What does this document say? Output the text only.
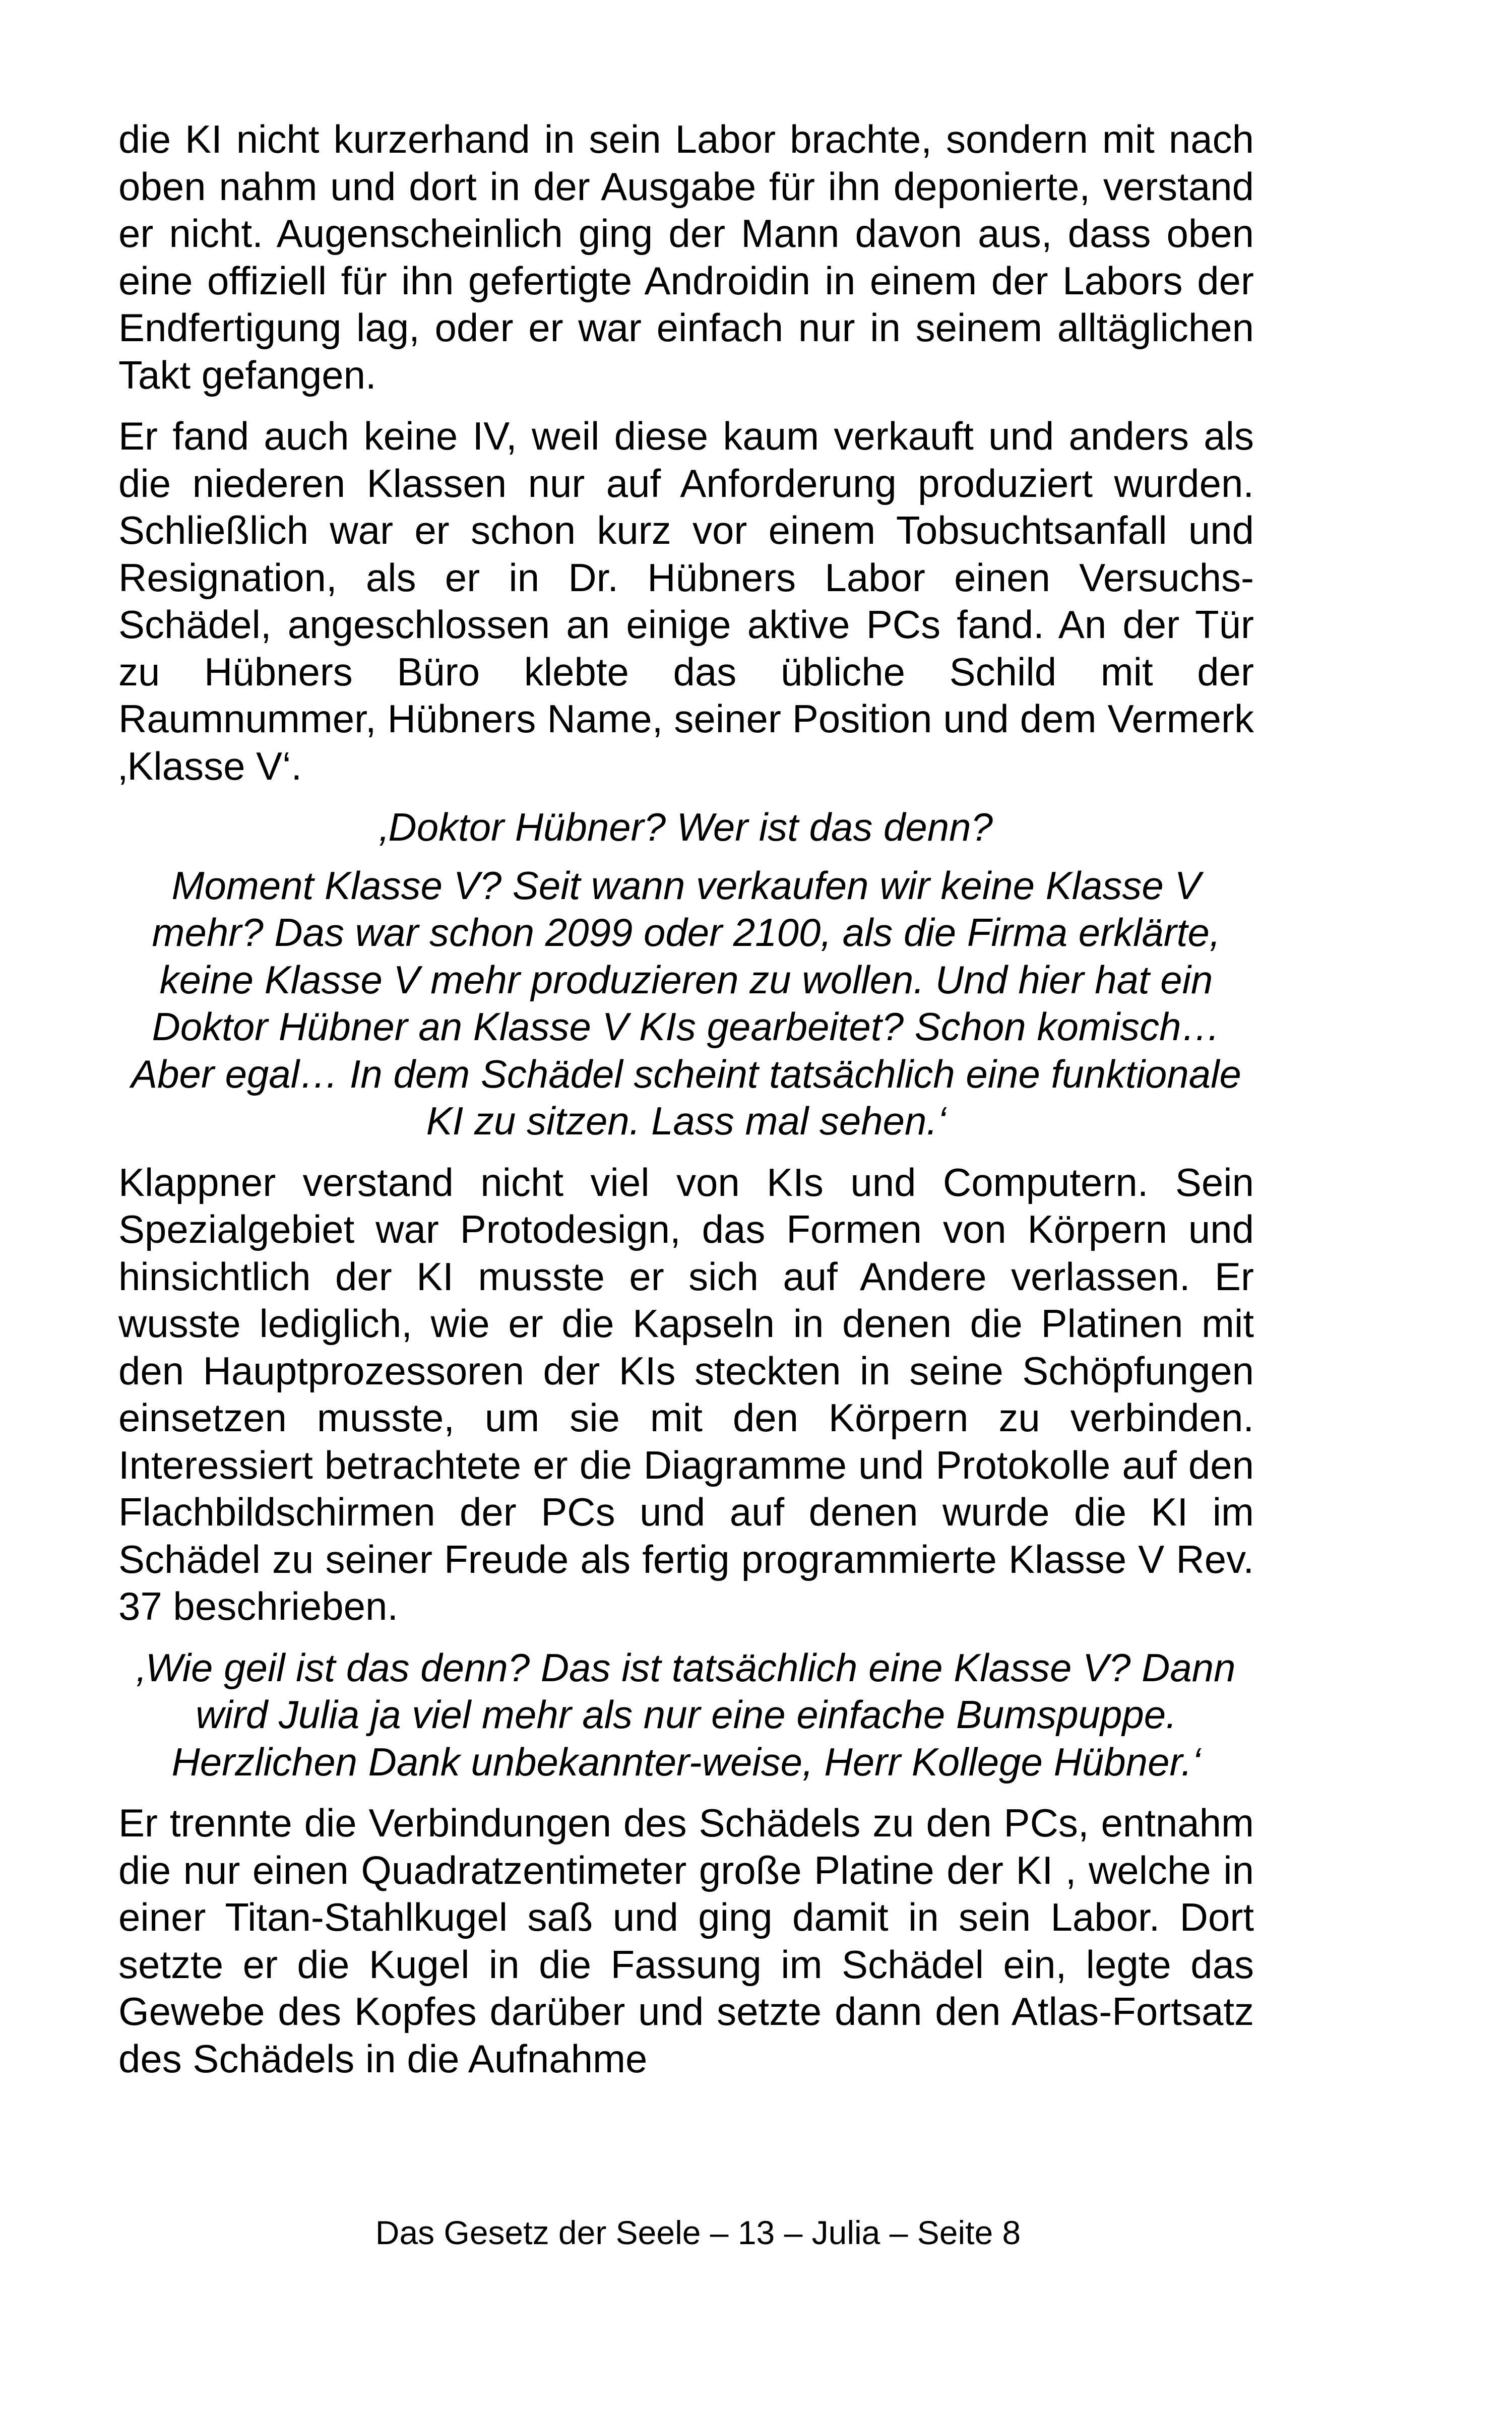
die KI nicht kurzerhand in sein Labor brachte, sondern mit nach oben nahm und dort in der Ausgabe für ihn deponierte, verstand er nicht. Augenscheinlich ging der Mann davon aus, dass oben eine offiziell für ihn gefertigte Androidin in einem der Labors der Endfertigung lag, oder er war einfach nur in seinem alltäglichen Takt gefangen.

Er fand auch keine IV, weil diese kaum verkauft und anders als die niederen Klassen nur auf Anforderung produziert wurden. Schließlich war er schon kurz vor einem Tobsuchtsanfall und Resignation, als er in Dr. Hübners Labor einen Versuchs-Schädel, angeschlossen an einige aktive PCs fand. An der Tür zu Hübners Büro klebte das übliche Schild mit der Raumnummer, Hübners Name, seiner Position und dem Vermerk ‚Klasse V‘.

‚Doktor Hübner? Wer ist das denn?

Moment Klasse V? Seit wann verkaufen wir keine Klasse V mehr? Das war schon 2099 oder 2100, als die Firma erklärte, keine Klasse V mehr produzieren zu wollen. Und hier hat ein Doktor Hübner an Klasse V KIs gearbeitet? Schon komisch… Aber egal… In dem Schädel scheint tatsächlich eine funktionale KI zu sitzen. Lass mal sehen.‘

Klappner verstand nicht viel von KIs und Computern. Sein Spezialgebiet war Protodesign, das Formen von Körpern und hinsichtlich der KI musste er sich auf Andere verlassen. Er wusste lediglich, wie er die Kapseln in denen die Platinen mit den Hauptprozessoren der KIs steckten in seine Schöpfungen einsetzen musste, um sie mit den Körpern zu verbinden. Interessiert betrachtete er die Diagramme und Protokolle auf den Flachbildschirmen der PCs und auf denen wurde die KI im Schädel zu seiner Freude als fertig programmierte Klasse V Rev. 37 beschrieben.

‚Wie geil ist das denn? Das ist tatsächlich eine Klasse V? Dann wird Julia ja viel mehr als nur eine einfache Bumspuppe. Herzlichen Dank unbekannter-weise, Herr Kollege Hübner.‘

Er trennte die Verbindungen des Schädels zu den PCs, entnahm die nur einen Quadratzentimeter große Platine der KI , welche in einer Titan-Stahlkugel saß und ging damit in sein Labor. Dort setzte er die Kugel in die Fassung im Schädel ein, legte das Gewebe des Kopfes darüber und setzte dann den Atlas-Fortsatz des Schädels in die Aufnahme

Das Gesetz der Seele – 13 – Julia – Seite 8
